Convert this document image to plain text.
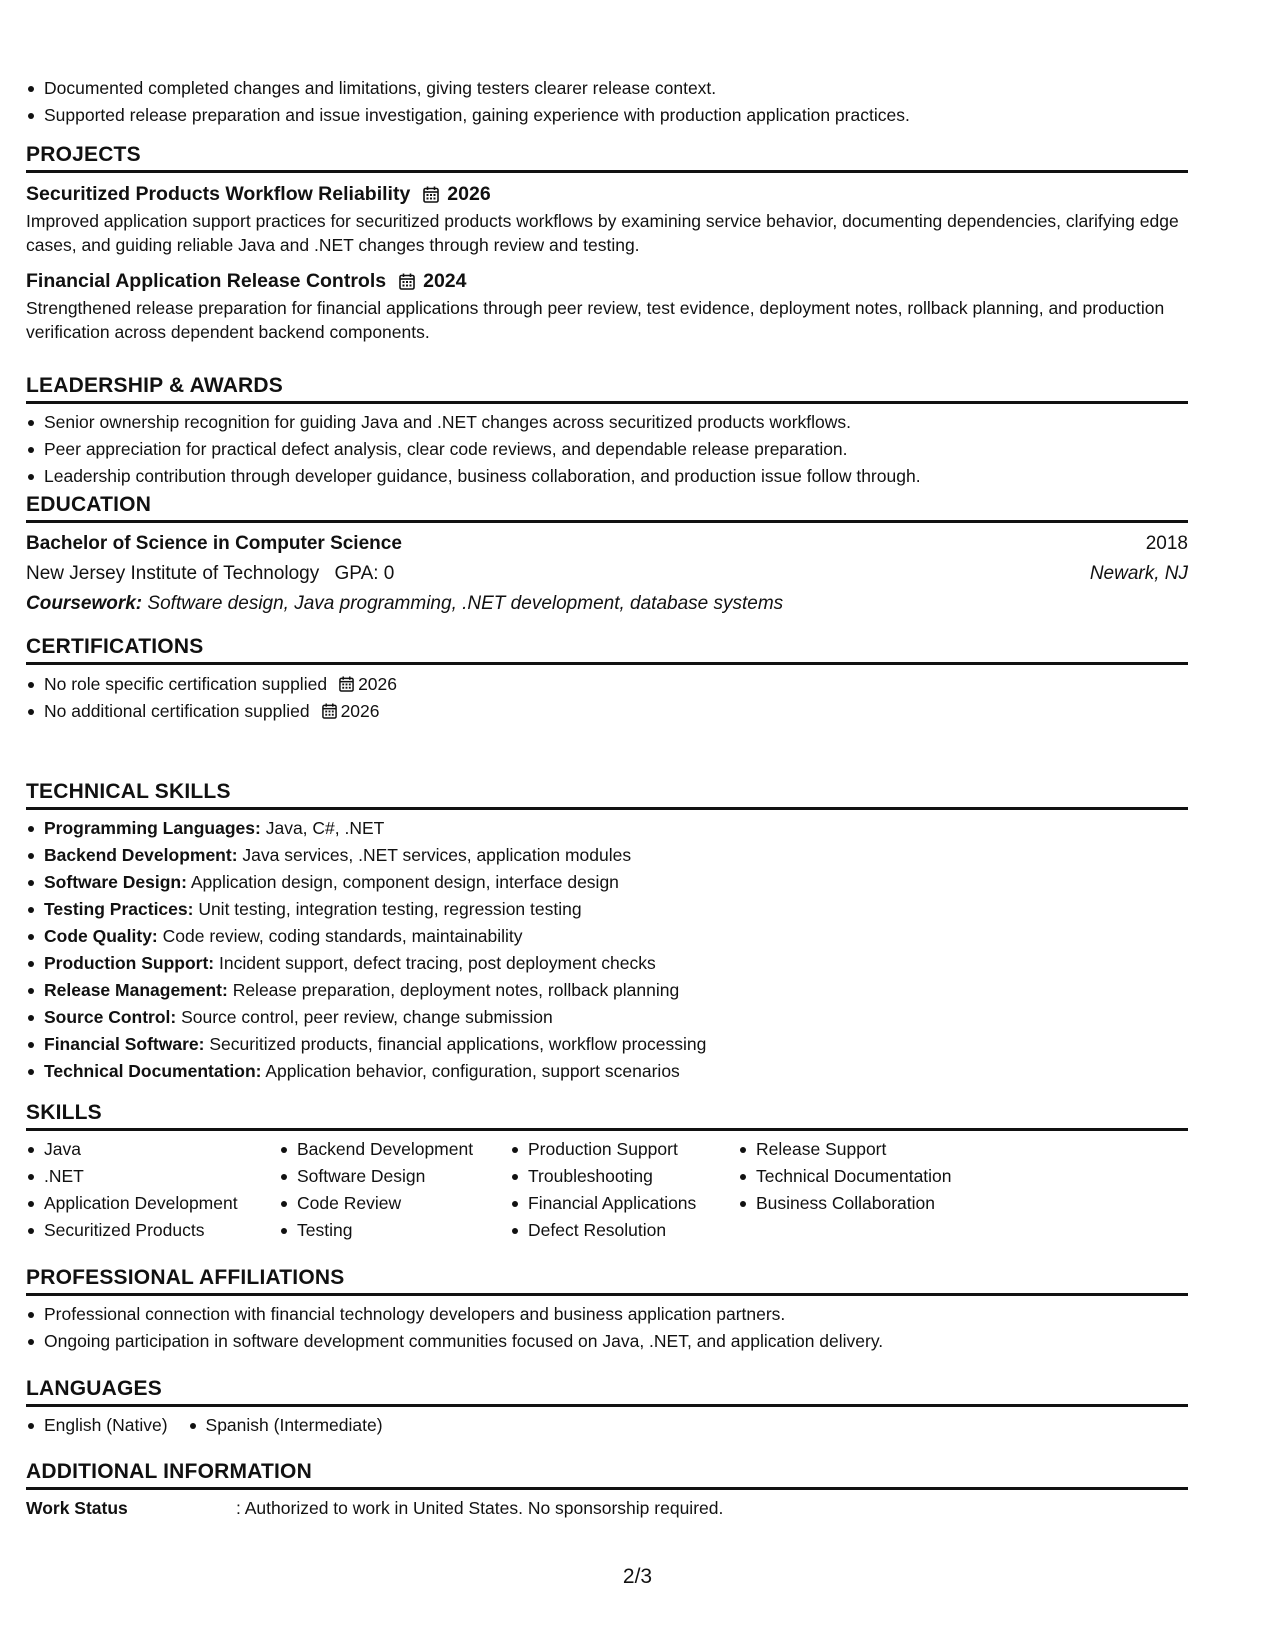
Documented completed changes and limitations, giving testers clearer release context.
Supported release preparation and issue investigation, gaining experience with production application practices.
PROJECTS
Securitized Products Workflow Reliability 2026

Improved application support practices for securitized products workflows by examining service behavior, documenting dependencies, clarifying edge cases, and guiding reliable Java and .NET changes through review and testing.

Financial Application Release Controls 2024

Strengthened release preparation for financial applications through peer review, test evidence, deployment notes, rollback planning, and production verification across dependent backend components.

LEADERSHIP & AWARDS
Senior ownership recognition for guiding Java and .NET changes across securitized products workflows.
Peer appreciation for practical defect analysis, clear code reviews, and dependable release preparation.
Leadership contribution through developer guidance, business collaboration, and production issue follow through.
EDUCATION
Bachelor of Science in Computer Science	2018
New Jersey Institute of Technology GPA: 0	Newark, NJ
Coursework: Software design, Java programming, .NET development, database systems
CERTIFICATIONS
No role specific certification supplied 2026
No additional certification supplied 2026
TECHNICAL SKILLS
Programming Languages: Java, C#, .NET
Backend Development: Java services, .NET services, application modules
Software Design: Application design, component design, interface design
Testing Practices: Unit testing, integration testing, regression testing
Code Quality: Code review, coding standards, maintainability
Production Support: Incident support, defect tracing, post deployment checks
Release Management: Release preparation, deployment notes, rollback planning
Source Control: Source control, peer review, change submission
Financial Software: Securitized products, financial applications, workflow processing
Technical Documentation: Application behavior, configuration, support scenarios
SKILLS
Java
.NET
Application Development
Securitized Products
Backend Development
Software Design
Code Review
Testing
Production Support
Troubleshooting
Financial Applications
Defect Resolution
Release Support
Technical Documentation
Business Collaboration
PROFESSIONAL AFFILIATIONS
Professional connection with financial technology developers and business application partners.
Ongoing participation in software development communities focused on Java, .NET, and application delivery.
LANGUAGES
English (Native)	Spanish (Intermediate)
ADDITIONAL INFORMATION
Work Status	: Authorized to work in United States. No sponsorship required.
2/3
